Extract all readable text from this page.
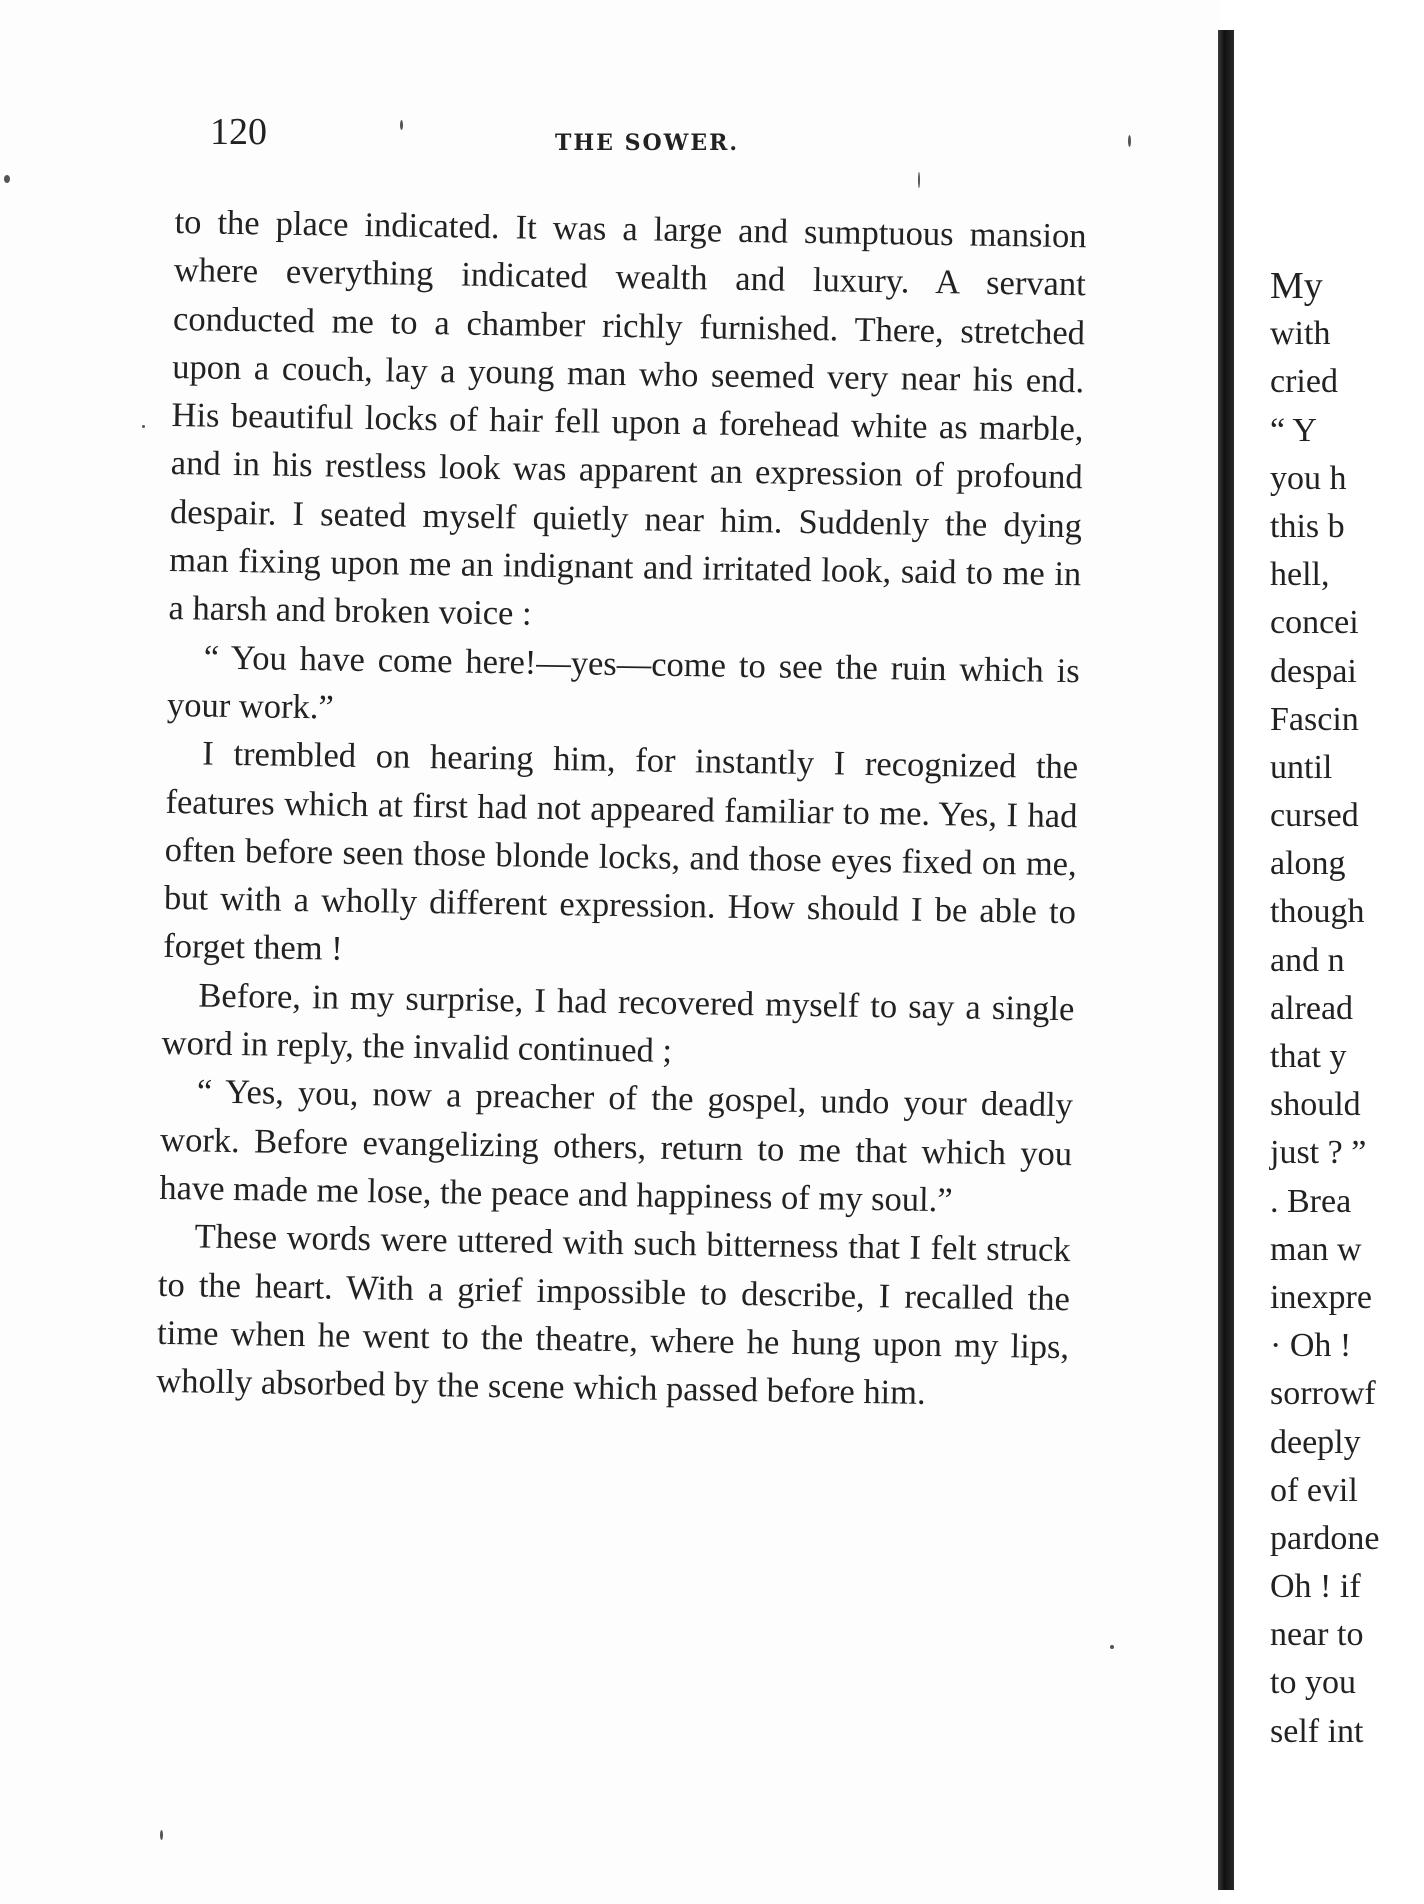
120	THE SOWER.

to the place indicated. It was a large and sumptuous mansion where everything indicated wealth and luxury. A servant conducted me to a chamber richly furnished. There, stretched upon a couch, lay a young man who seemed very near his end. His beautiful locks of hair fell upon a forehead white as marble, and in his restless look was apparent an expression of profound despair. I seated myself quietly near him. Suddenly the dying man fixing upon me an indignant and irritated look, said to me in a harsh and broken voice :

“ You have come here!—yes—come to see the ruin which is your work.”

I trembled on hearing him, for instantly I recognized the features which at first had not appeared familiar to me. Yes, I had often before seen those blonde locks, and those eyes fixed on me, but with a wholly different expression. How should I be able to forget them !

Before, in my surprise, I had recovered myself to say a single word in reply, the invalid continued ;

“ Yes, you, now a preacher of the gospel, undo your deadly work. Before evangelizing others, return to me that which you have made me lose, the peace and happiness of my soul.”

These words were uttered with such bitterness that I felt struck to the heart. With a grief impossible to describe, I recalled the time when he went to the theatre, where he hung upon my lips, wholly absorbed by the scene which passed before him.

My
with
cried
“ Y
you h
this b
hell,
concei
despai
Fascin
until
cursed
along
though
and n
alread
that y
should
just ? ”
. Brea
man w
inexpre
· Oh !
sorrowf
deeply
of evil
pardone
Oh ! if
near to
to you
self int
